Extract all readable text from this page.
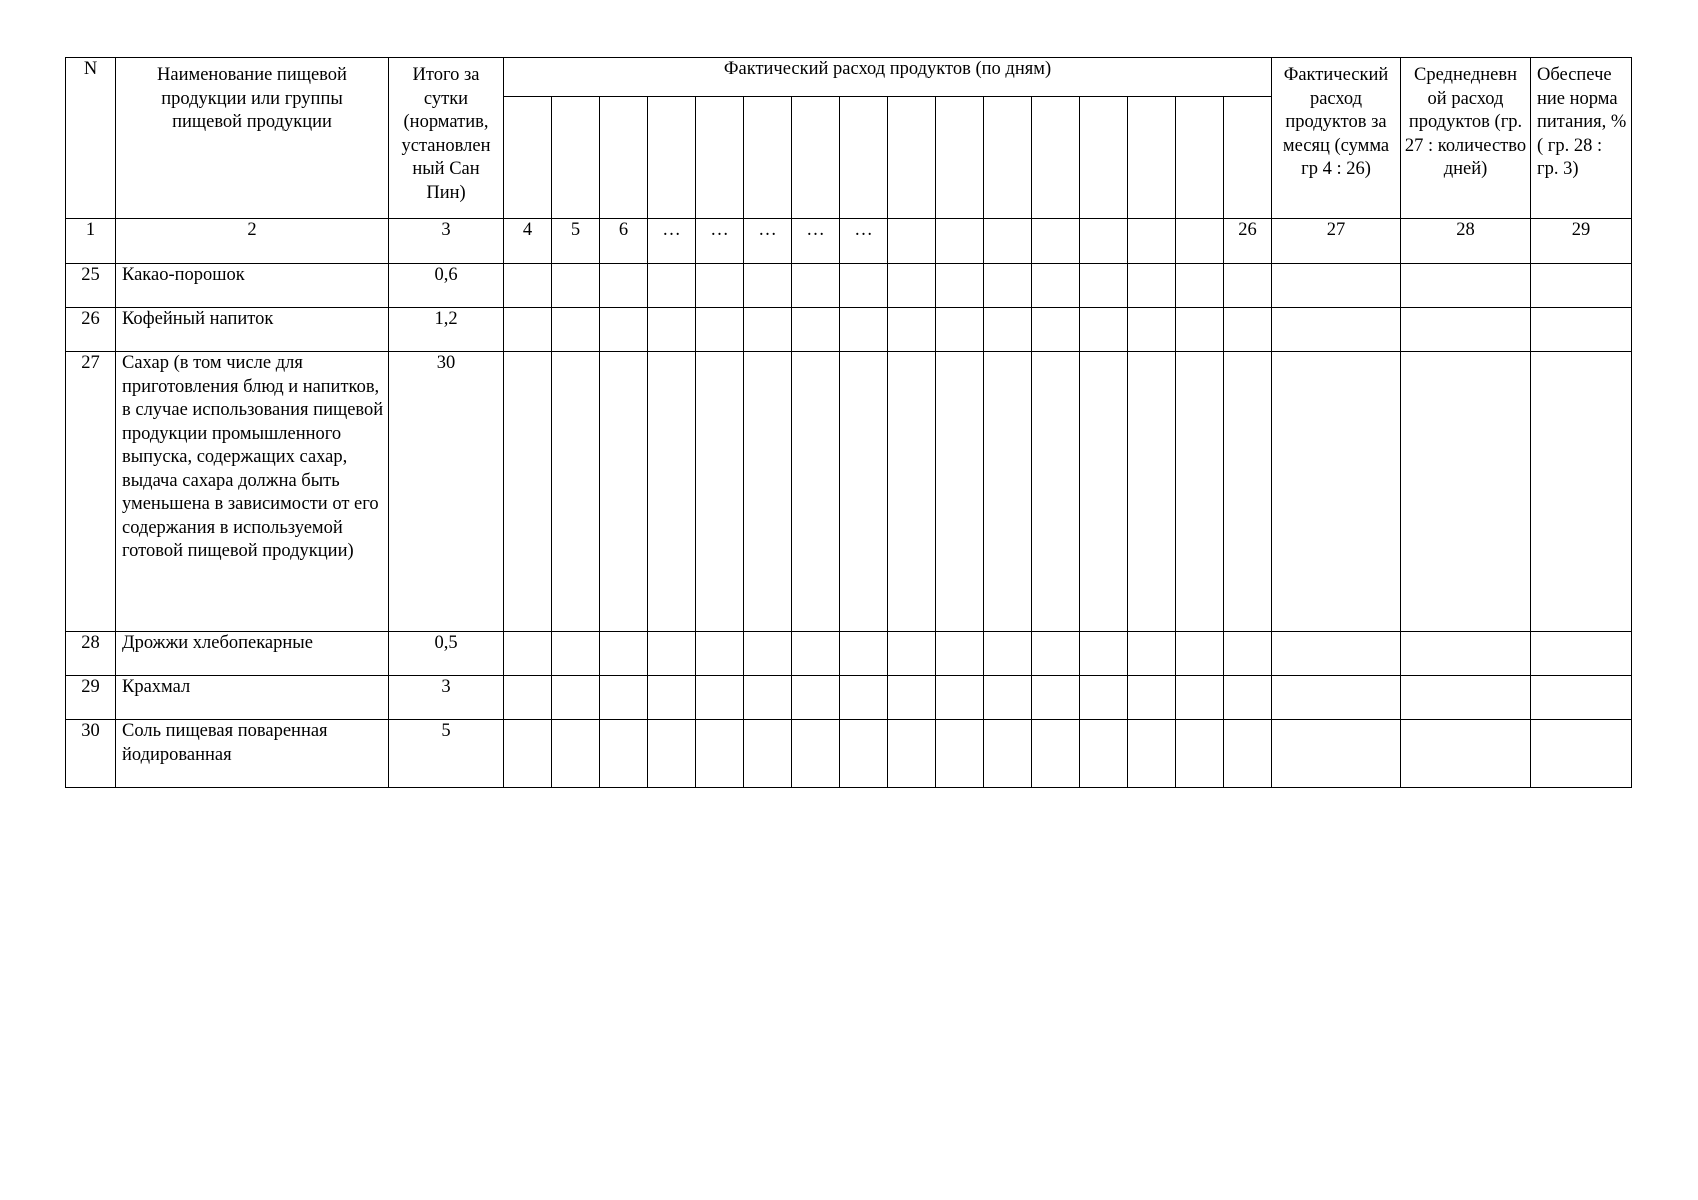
N	Наименование пищевой продукции или группы пищевой продукции	Итого за сутки (норматив, установлен ный Сан Пин)	Фактический расход продуктов (по дням)																Фактический расход продуктов за месяц (сумма гр 4 : 26)	Среднедневн ой расход продуктов (гр. 27 : количество дней)	Обеспече ние норма питания, % ( гр. 28 : гр. 3)

1	2	3	4	5	6	…	…	…	…	…								26	27	28	29
25	Какао-порошок	0,6																			
26	Кофейный напиток	1,2																			
27	Сахар (в том числе для приготовления блюд и напитков, в случае использования пищевой продукции промышленного выпуска, содержащих сахар, выдача сахара должна быть уменьшена в зависимости от его содержания в используемой готовой пищевой продукции)	30																			
28	Дрожжи хлебопекарные	0,5																			
29	Крахмал	3																			
30	Соль пищевая поваренная йодированная	5																			
